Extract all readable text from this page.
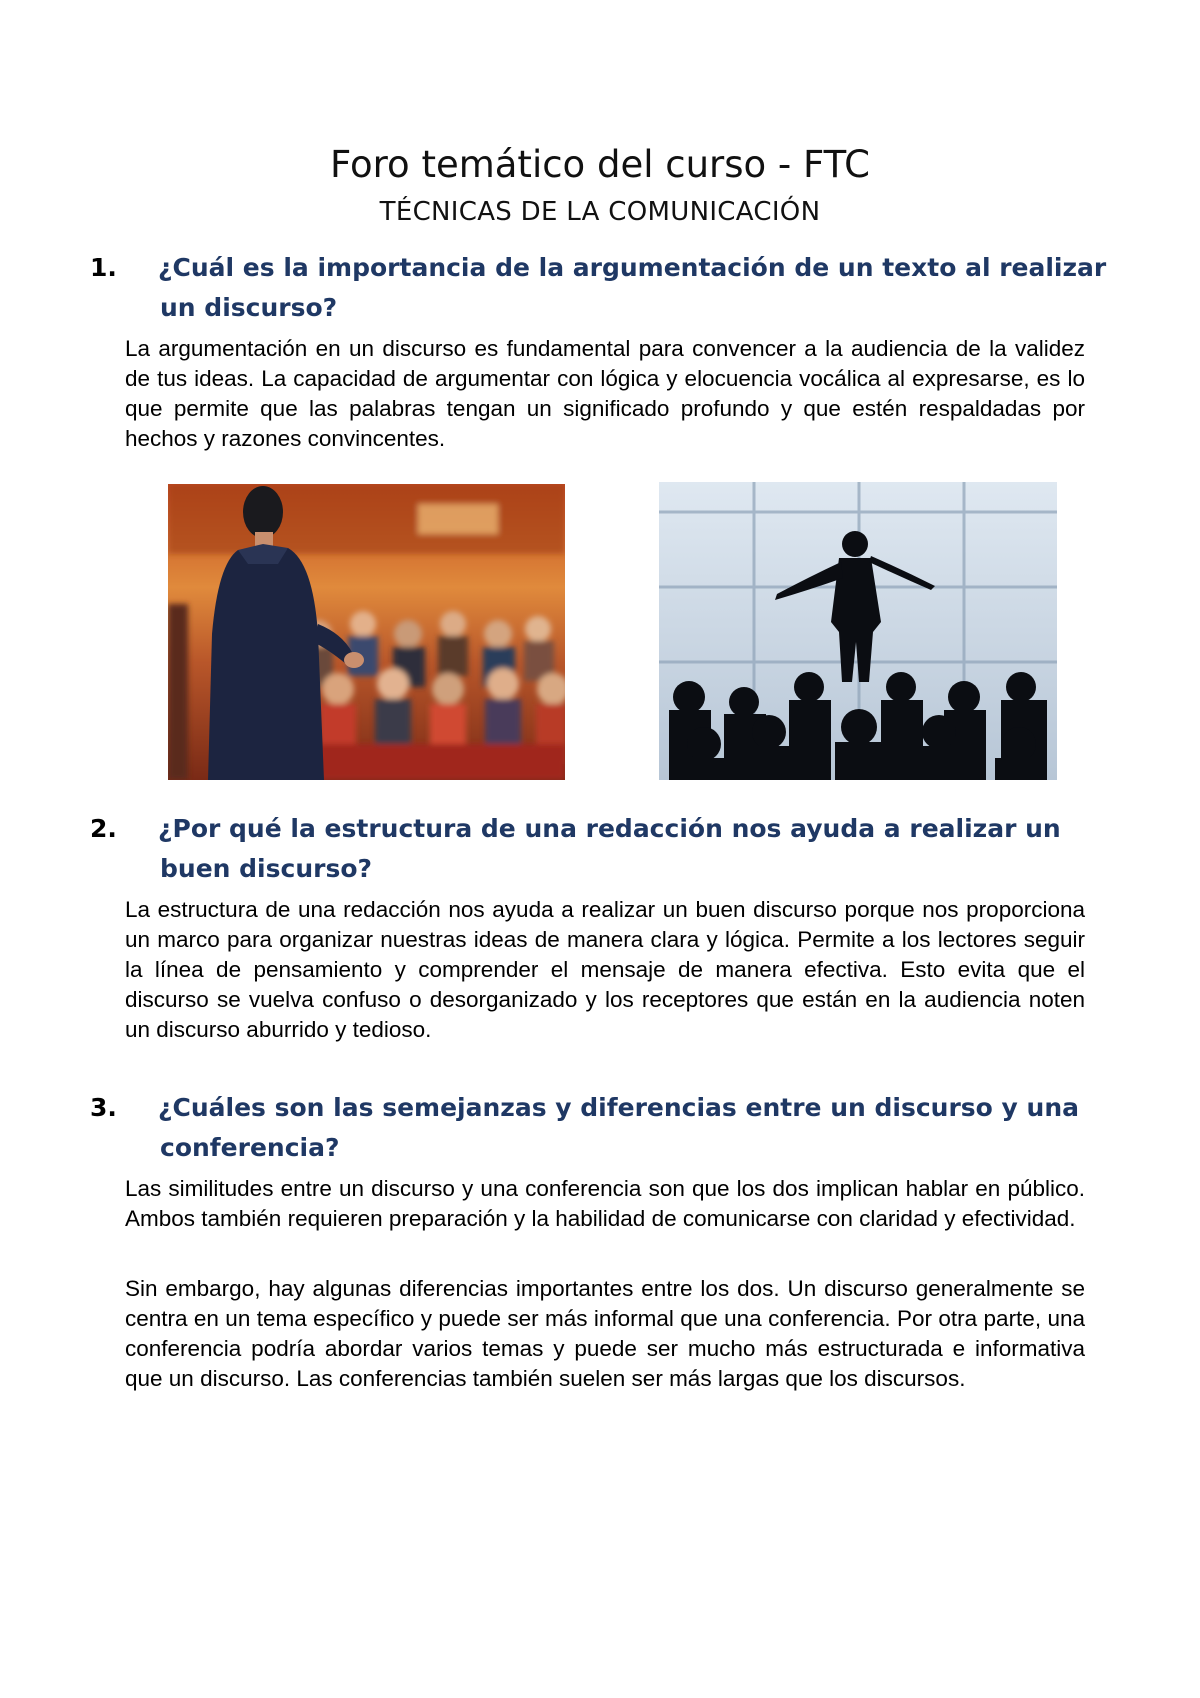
Foro temático del curso - FTC
TÉCNICAS DE LA COMUNICACIÓN
1. ¿Cuál es la importancia de la argumentación de un texto al realizar un discurso?
La argumentación en un discurso es fundamental para convencer a la audiencia de la validez de tus ideas. La capacidad de argumentar con lógica y elocuencia vocálica al expresarse, es lo que permite que las palabras tengan un significado profundo y que estén respaldadas por hechos y razones convincentes.
2. ¿Por qué la estructura de una redacción nos ayuda a realizar un buen discurso?
La estructura de una redacción nos ayuda a realizar un buen discurso porque nos proporciona un marco para organizar nuestras ideas de manera clara y lógica. Permite a los lectores seguir la línea de pensamiento y comprender el mensaje de manera efectiva. Esto evita que el discurso se vuelva confuso o desorganizado y los receptores que están en la audiencia noten un discurso aburrido y tedioso.
3. ¿Cuáles son las semejanzas y diferencias entre un discurso y una conferencia?
Las similitudes entre un discurso y una conferencia son que los dos implican hablar en público. Ambos también requieren preparación y la habilidad de comunicarse con claridad y efectividad.
Sin embargo, hay algunas diferencias importantes entre los dos. Un discurso generalmente se centra en un tema específico y puede ser más informal que una conferencia. Por otra parte, una conferencia podría abordar varios temas y puede ser mucho más estructurada e informativa que un discurso. Las conferencias también suelen ser más largas que los discursos.
